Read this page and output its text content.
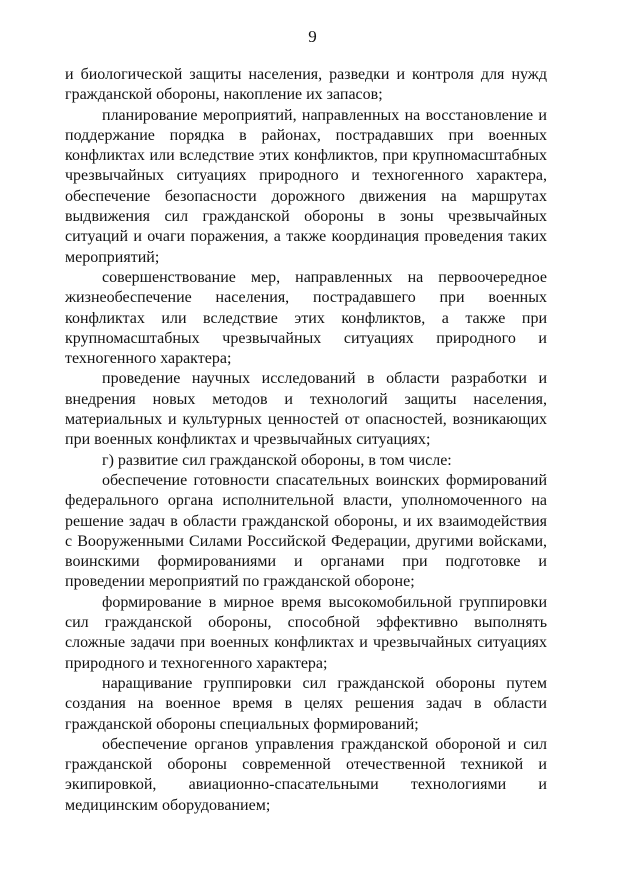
9

и биологической защиты населения, разведки и контроля для нужд гражданской обороны, накопление их запасов;

планирование мероприятий, направленных на восстановление и поддержание порядка в районах, пострадавших при военных конфликтах или вследствие этих конфликтов, при крупномасштабных чрезвычайных ситуациях природного и техногенного характера, обеспечение безопасности дорожного движения на маршрутах выдвижения сил гражданской обороны в зоны чрезвычайных ситуаций и очаги поражения, а также координация проведения таких мероприятий;

совершенствование мер, направленных на первоочередное жизнеобеспечение населения, пострадавшего при военных конфликтах или вследствие этих конфликтов, а также при крупномасштабных чрезвычайных ситуациях природного и техногенного характера;

проведение научных исследований в области разработки и внедрения новых методов и технологий защиты населения, материальных и культурных ценностей от опасностей, возникающих при военных конфликтах и чрезвычайных ситуациях;

г) развитие сил гражданской обороны, в том числе:

обеспечение готовности спасательных воинских формирований федерального органа исполнительной власти, уполномоченного на решение задач в области гражданской обороны, и их взаимодействия с Вооруженными Силами Российской Федерации, другими войсками, воинскими формированиями и органами при подготовке и проведении мероприятий по гражданской обороне;

формирование в мирное время высокомобильной группировки сил гражданской обороны, способной эффективно выполнять сложные задачи при военных конфликтах и чрезвычайных ситуациях природного и техногенного характера;

наращивание группировки сил гражданской обороны путем создания на военное время в целях решения задач в области гражданской обороны специальных формирований;

обеспечение органов управления гражданской обороной и сил гражданской обороны современной отечественной техникой и экипировкой, авиационно-спасательными технологиями и медицинским оборудованием;
